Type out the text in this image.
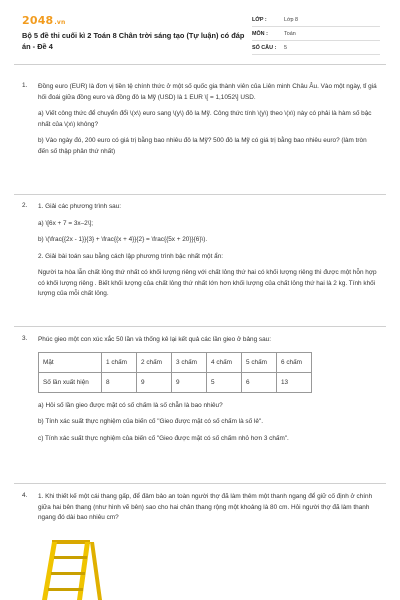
2048.vn
Bộ 5 đề thi cuối kì 2 Toán 8 Chân trời sáng tạo (Tự luận) có đáp án - Đề 4
LỚP :	Lớp 8
MÔN :	Toán
SỐ CÂU :	5
1. Đồng euro (EUR) là đơn vị tiền tệ chính thức ở một số quốc gia thành viên của Liên minh Châu Âu. Vào một ngày, tỉ giá hối đoái giữa đồng euro và đồng đô la Mỹ (USD) là 1 EUR \[ = 1,1052\] USD.

a) Viết công thức để chuyển đổi \(x\) euro sang \(y\) đô la Mỹ. Công thức tính \(y\) theo \(x\) này có phải là hàm số bậc nhất của \(x\) không?

b) Vào ngày đó, 200 euro có giá trị bằng bao nhiêu đô la Mỹ? 500 đô la Mỹ có giá trị bằng bao nhiêu euro? (làm tròn đến số thập phân thứ nhất)

2. 1. Giải các phương trình sau:

a) \[6x + 7 = 3x–2\];

b) \(\frac{{2x - 1}}{3} + \frac{{x + 4}}{2} = \frac{{5x + 20}}{6}\).

2. Giải bài toán sau bằng cách lập phương trình bậc nhất một ẩn:

Người ta hòa lẫn chất lỏng thứ nhất có khối lượng riêng với chất lỏng thứ hai có khối lượng riêng thì được một hỗn hợp có khối lượng riêng . Biết khối lượng của chất lỏng thứ nhất lớn hơn khối lượng của chất lỏng thứ hai là 2 kg. Tính khối lượng của mỗi chất lỏng.

3. Phúc gieo một con xúc xắc 50 lần và thống kê lại kết quả các lần gieo ở bảng sau:

Mặt	1 chấm	2 chấm	3 chấm	4 chấm	5 chấm	6 chấm
Số lần xuất hiện	8	9	9	5	6	13

a) Hỏi số lần gieo được mặt có số chấm là số chẵn là bao nhiêu?

b) Tính xác suất thực nghiệm của biến cố "Gieo được mặt có số chấm là số lẻ".

c) Tính xác suất thực nghiệm của biến cố "Gieo được mặt có số chấm nhỏ hơn 3 chấm".

4. 1. Khi thiết kế một cái thang gấp, để đảm bảo an toàn người thợ đã làm thêm một thanh ngang để giữ cố định ở chính giữa hai bên thang (như hình vẽ bên) sao cho hai chân thang rộng một khoảng là 80 cm. Hỏi người thợ đã làm thanh ngang đó dài bao nhiêu cm?
